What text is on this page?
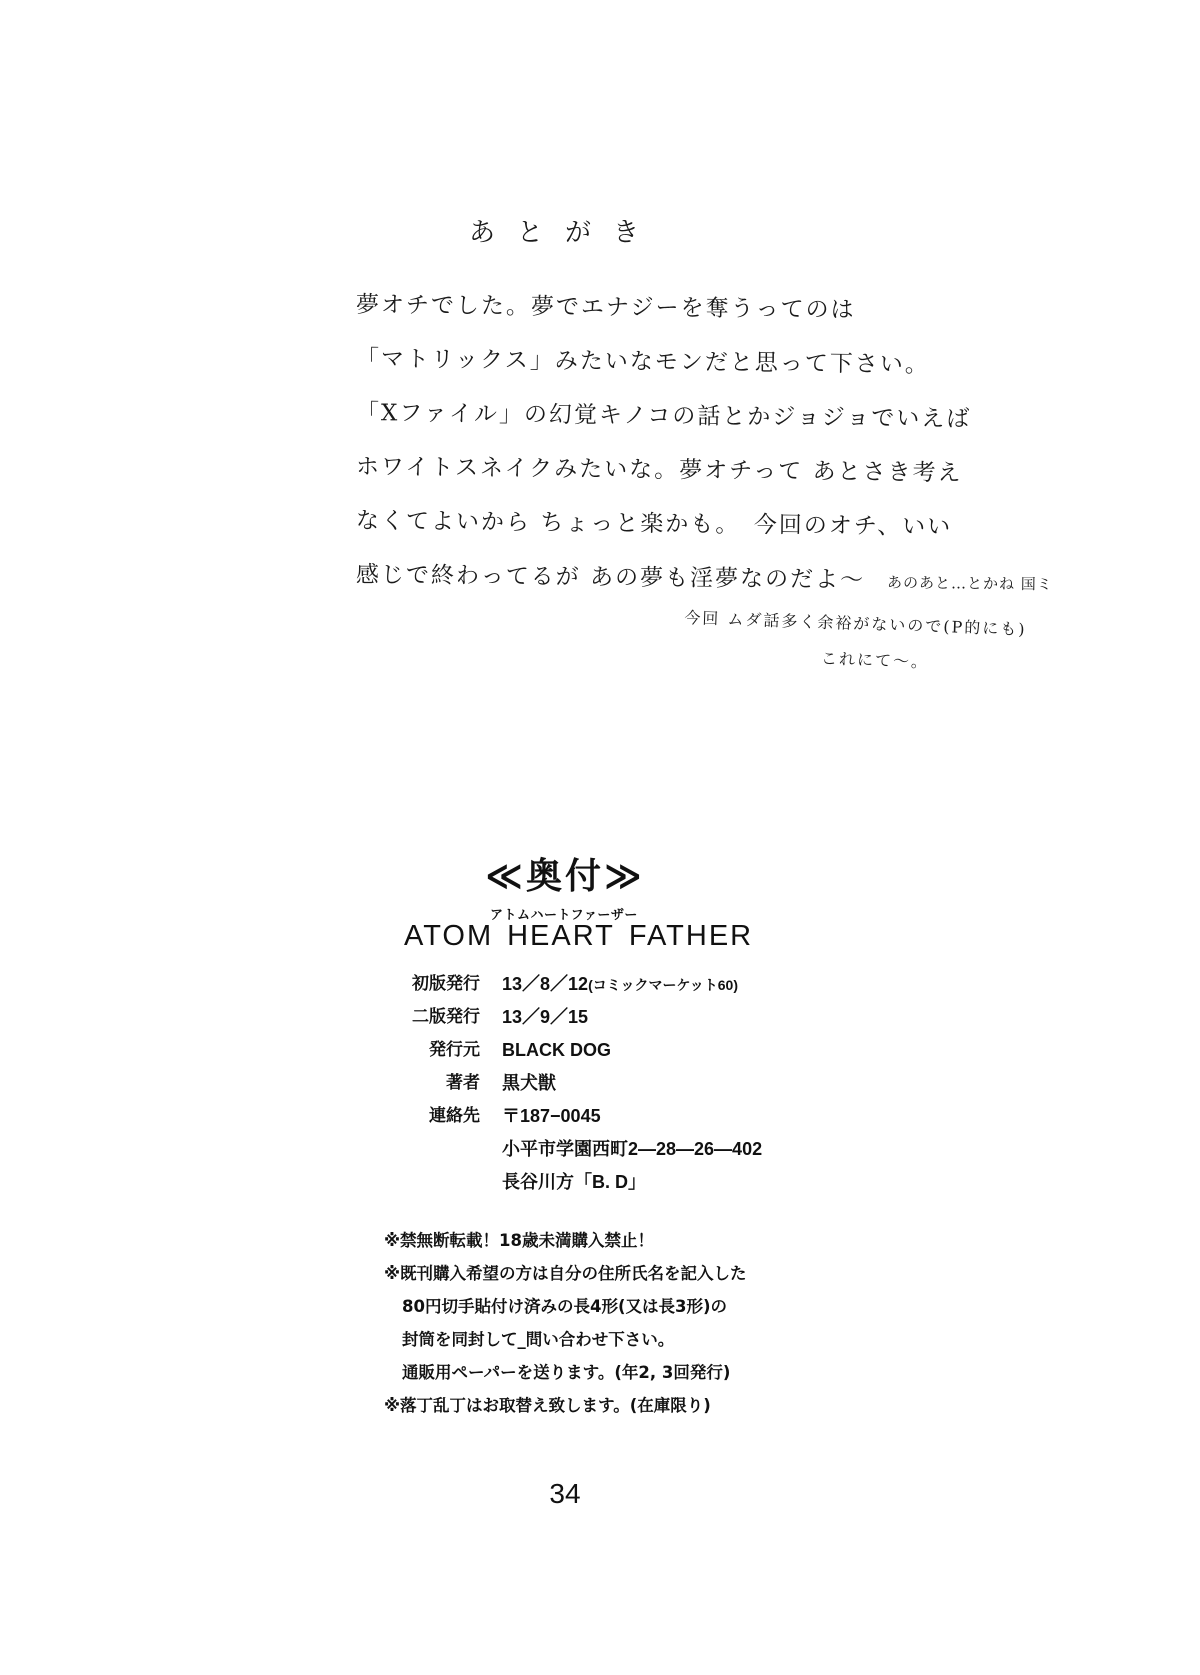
あとがき
夢オチでした。夢でエナジーを奪うってのは
「マトリックス」みたいなモンだと思って下さい。
「Xファイル」の幻覚キノコの話とかジョジョでいえば
ホワイトスネイクみたいな。夢オチって あとさき考え
なくてよいから ちょっと楽かも。　今回のオチ、いい
感じで終わってるが あの夢も淫夢なのだよ〜 あのあと…とかね 国ミ
今回 ムダ話多く余裕がないので(P的にも)
これにて〜。
≪奥付≫
アトムハートファーザー
ATOM HEART FATHER
初版発行 13／8／12(コミックマーケット60)
二版発行 13／9／15
発行元 BLACK DOG
著者 黒犬獣
連絡先 〒187−0045
小平市学園西町2—28—26—402
長谷川方「B. D」
※禁無断転載！18歳未満購入禁止！
※既刊購入希望の方は自分の住所氏名を記入した
80円切手貼付け済みの長4形(又は長3形)の
封筒を同封して_問い合わせ下さい。
通販用ペーパーを送ります。(年2, 3回発行)
※落丁乱丁はお取替え致します。(在庫限り)
34
